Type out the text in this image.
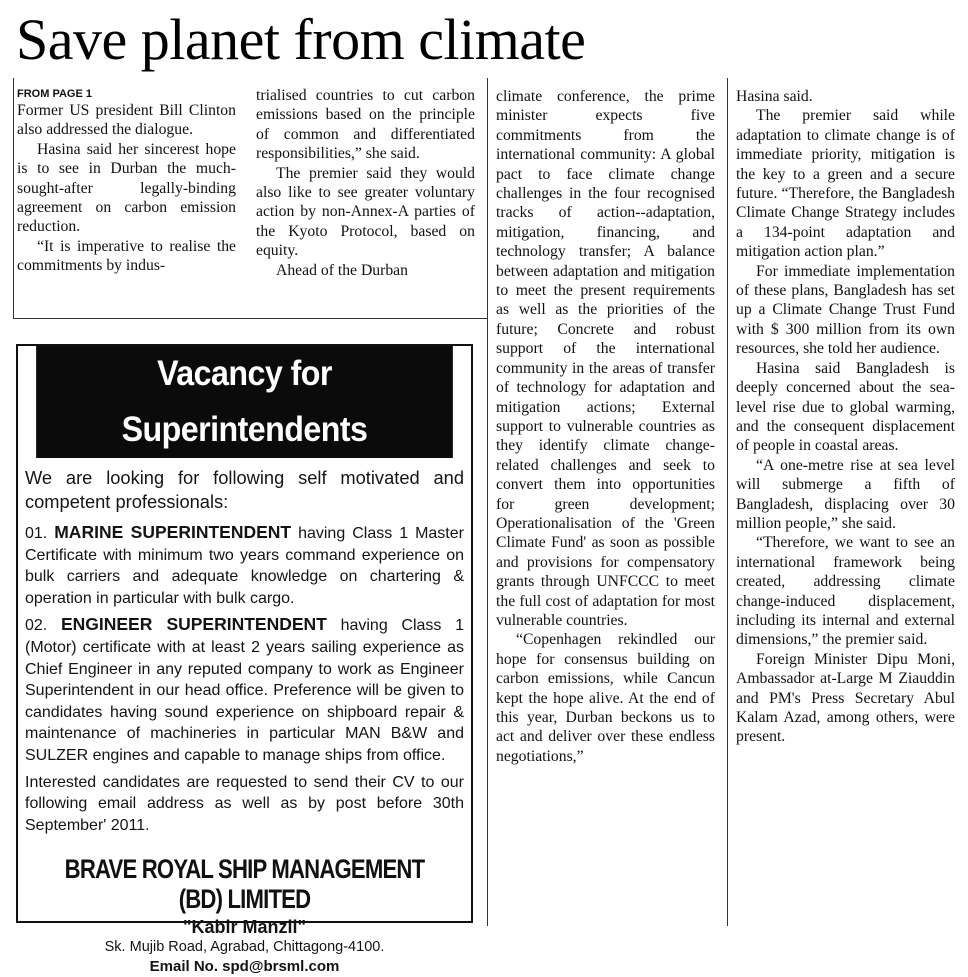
Save planet from climate
FROM PAGE 1

Former US president Bill Clinton also addressed the dialogue.

Hasina said her sincerest hope is to see in Durban the much-sought-after legally-binding agreement on carbon emission reduction.

“It is imperative to realise the commitments by indus-

trialised countries to cut carbon emissions based on the principle of common and differentiated responsibilities,” she said.

The premier said they would also like to see greater voluntary action by non-Annex-A parties of the Kyoto Protocol, based on equity.

Ahead of the Durban

climate conference, the prime minister expects five commitments from the international community: A global pact to face climate change challenges in the four recognised tracks of action--adaptation, mitigation, financing, and technology transfer; A balance between adaptation and mitigation to meet the present requirements as well as the priorities of the future; Concrete and robust support of the international community in the areas of transfer of technology for adaptation and mitigation actions; External support to vulnerable countries as they identify climate change-related challenges and seek to convert them into opportunities for green development; Operationalisation of the 'Green Climate Fund' as soon as possible and provisions for compensatory grants through UNFCCC to meet the full cost of adaptation for most vulnerable countries.

“Copenhagen rekindled our hope for consensus building on carbon emissions, while Cancun kept the hope alive. At the end of this year, Durban beckons us to act and deliver over these endless negotiations,”

Hasina said.

The premier said while adaptation to climate change is of immediate priority, mitigation is the key to a green and a secure future. “Therefore, the Bangladesh Climate Change Strategy includes a 134-point adaptation and mitigation action plan.”

For immediate implementation of these plans, Bangladesh has set up a Climate Change Trust Fund with $ 300 million from its own resources, she told her audience.

Hasina said Bangladesh is deeply concerned about the sea-level rise due to global warming, and the consequent displacement of people in coastal areas.

“A one-metre rise at sea level will submerge a fifth of Bangladesh, displacing over 30 million people,” she said.

“Therefore, we want to see an international framework being created, addressing climate change-induced displacement, including its internal and external dimensions,” the premier said.

Foreign Minister Dipu Moni, Ambassador at-Large M Ziauddin and PM's Press Secretary Abul Kalam Azad, among others, were present.

Vacancy for Superintendents

We are looking for following self motivated and competent professionals:

01. MARINE SUPERINTENDENT having Class 1 Master Certificate with minimum two years command experience on bulk carriers and adequate knowledge on chartering & operation in particular with bulk cargo.

02. ENGINEER SUPERINTENDENT having Class 1 (Motor) certificate with at least 2 years sailing experience as Chief Engineer in any reputed company to work as Engineer Superintendent in our head office. Preference will be given to candidates having sound experience on shipboard repair & maintenance of machineries in particular MAN B&W and SULZER engines and capable to manage ships from office.

Interested candidates are requested to send their CV to our following email address as well as by post before 30th September' 2011.

BRAVE ROYAL SHIP MANAGEMENT (BD) LIMITED
"Kabir Manzil"
Sk. Mujib Road, Agrabad, Chittagong-4100.
Email No. spd@brsml.com
